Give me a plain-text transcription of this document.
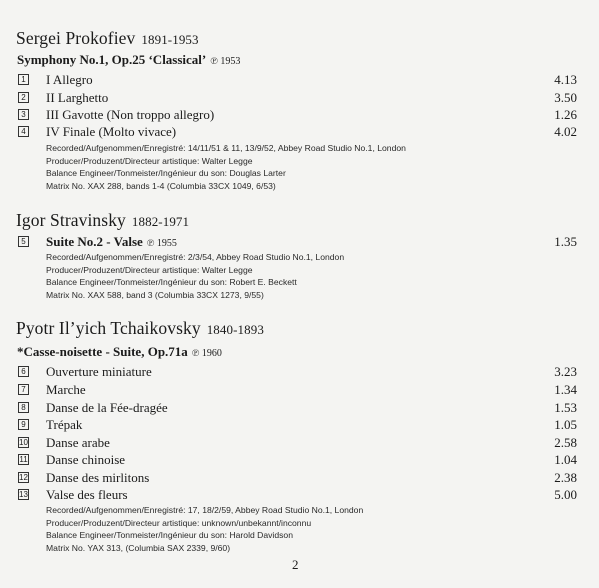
Sergei Prokofiev 1891-1953
Symphony No.1, Op.25 ‘Classical’ ℗ 1953
1 I Allegro	4.13
2 II Larghetto	3.50
3 III Gavotte (Non troppo allegro)	1.26
4 IV Finale (Molto vivace)	4.02
Recorded/Aufgenommen/Enregistré: 14/11/51 & 11, 13/9/52, Abbey Road Studio No.1, London
Producer/Produzent/Directeur artistique: Walter Legge
Balance Engineer/Tonmeister/Ingénieur du son: Douglas Larter
Matrix No. XAX 288, bands 1-4 (Columbia 33CX 1049, 6/53)
Igor Stravinsky 1882-1971
5 Suite No.2 - Valse ℗ 1955	1.35
Recorded/Aufgenommen/Enregistré: 2/3/54, Abbey Road Studio No.1, London
Producer/Produzent/Directeur artistique: Walter Legge
Balance Engineer/Tonmeister/Ingénieur du son: Robert E. Beckett
Matrix No. XAX 588, band 3 (Columbia 33CX 1273, 9/55)
Pyotr Il’yich Tchaikovsky 1840-1893
*Casse-noisette - Suite, Op.71a ℗ 1960
6 Ouverture miniature	3.23
7 Marche	1.34
8 Danse de la Fée-dragée	1.53
9 Trépak	1.05
10 Danse arabe	2.58
11 Danse chinoise	1.04
12 Danse des mirlitons	2.38
13 Valse des fleurs	5.00
Recorded/Aufgenommen/Enregistré: 17, 18/2/59, Abbey Road Studio No.1, London
Producer/Produzent/Directeur artistique: unknown/unbekannt/inconnu
Balance Engineer/Tonmeister/Ingénieur du son: Harold Davidson
Matrix No. YAX 313, (Columbia SAX 2339, 9/60)
2
